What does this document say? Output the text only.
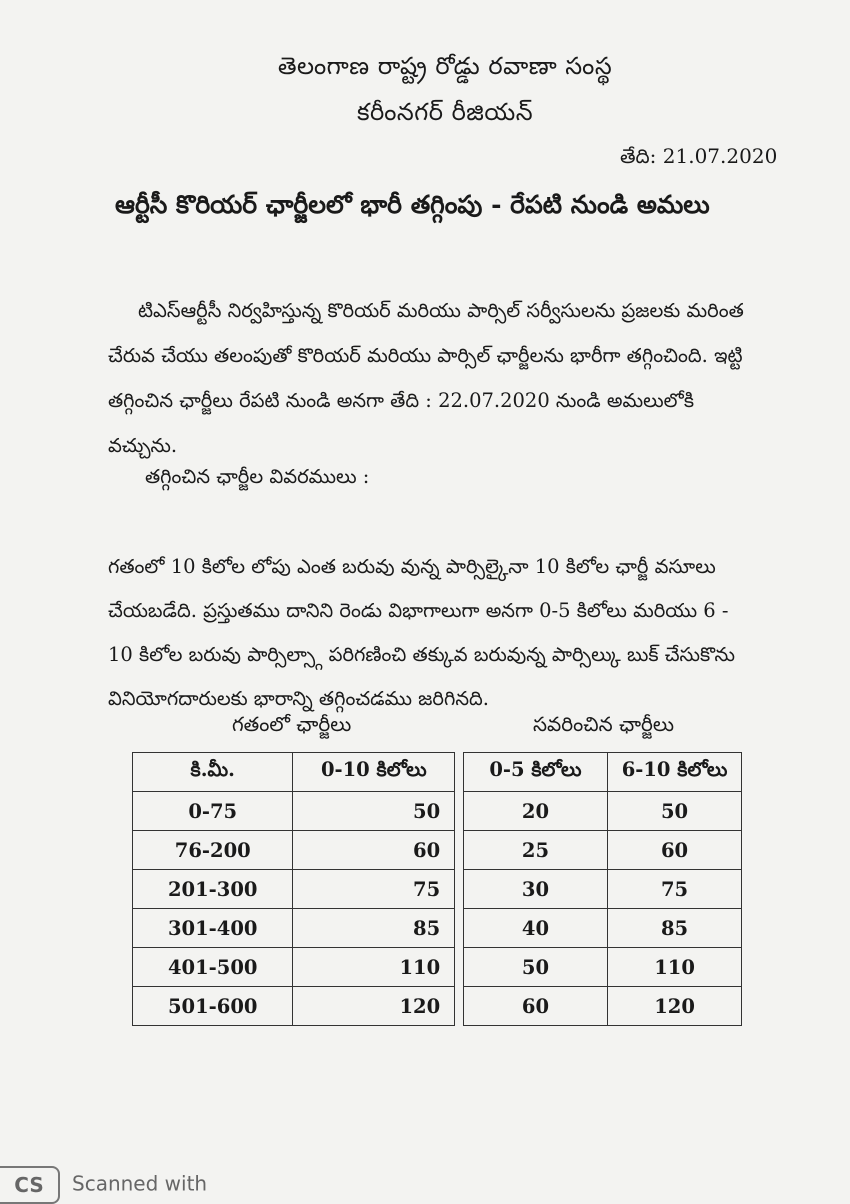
తెలంగాణ రాష్ట్ర రోడ్డు రవాణా సంస్థ
కరీంనగర్ రీజియన్
తేది: 21.07.2020
ఆర్టీసీ కొరియర్ ఛార్జీలలో భారీ తగ్గింపు - రేపటి నుండి అమలు
టిఎస్ఆర్టీసీ నిర్వహిస్తున్న కొరియర్ మరియు పార్సిల్ సర్వీసులను ప్రజలకు మరింత చేరువ చేయు తలంపుతో కొరియర్ మరియు పార్సిల్ ఛార్జీలను భారీగా తగ్గించింది. ఇట్టి తగ్గించిన ఛార్జీలు రేపటి నుండి అనగా తేది : 22.07.2020 నుండి అమలులోకి వచ్చును.
తగ్గించిన ఛార్జీల వివరములు :
గతంలో 10 కిలోల లోపు ఎంత బరువు వున్న పార్సిల్కైనా 10 కిలోల ఛార్జీ వసూలు చేయబడేది. ప్రస్తుతము దానిని రెండు విభాగాలుగా అనగా 0-5 కిలోలు మరియు 6 - 10 కిలోల బరువు పార్సిల్స్గా పరిగణించి తక్కువ బరువున్న పార్సిల్కు బుక్ చేసుకొను వినియోగదారులకు భారాన్ని తగ్గించడము జరిగినది.
గతంలో ఛార్జీలు	సవరించిన ఛార్జీలు
కి.మీ.	0-10 కిలోలు		0-5 కిలోలు	6-10 కిలోలు
0-75	50		20	50
76-200	60		25	60
201-300	75		30	75
301-400	85		40	85
401-500	110		50	110
501-600	120		60	120
CS Scanned with
